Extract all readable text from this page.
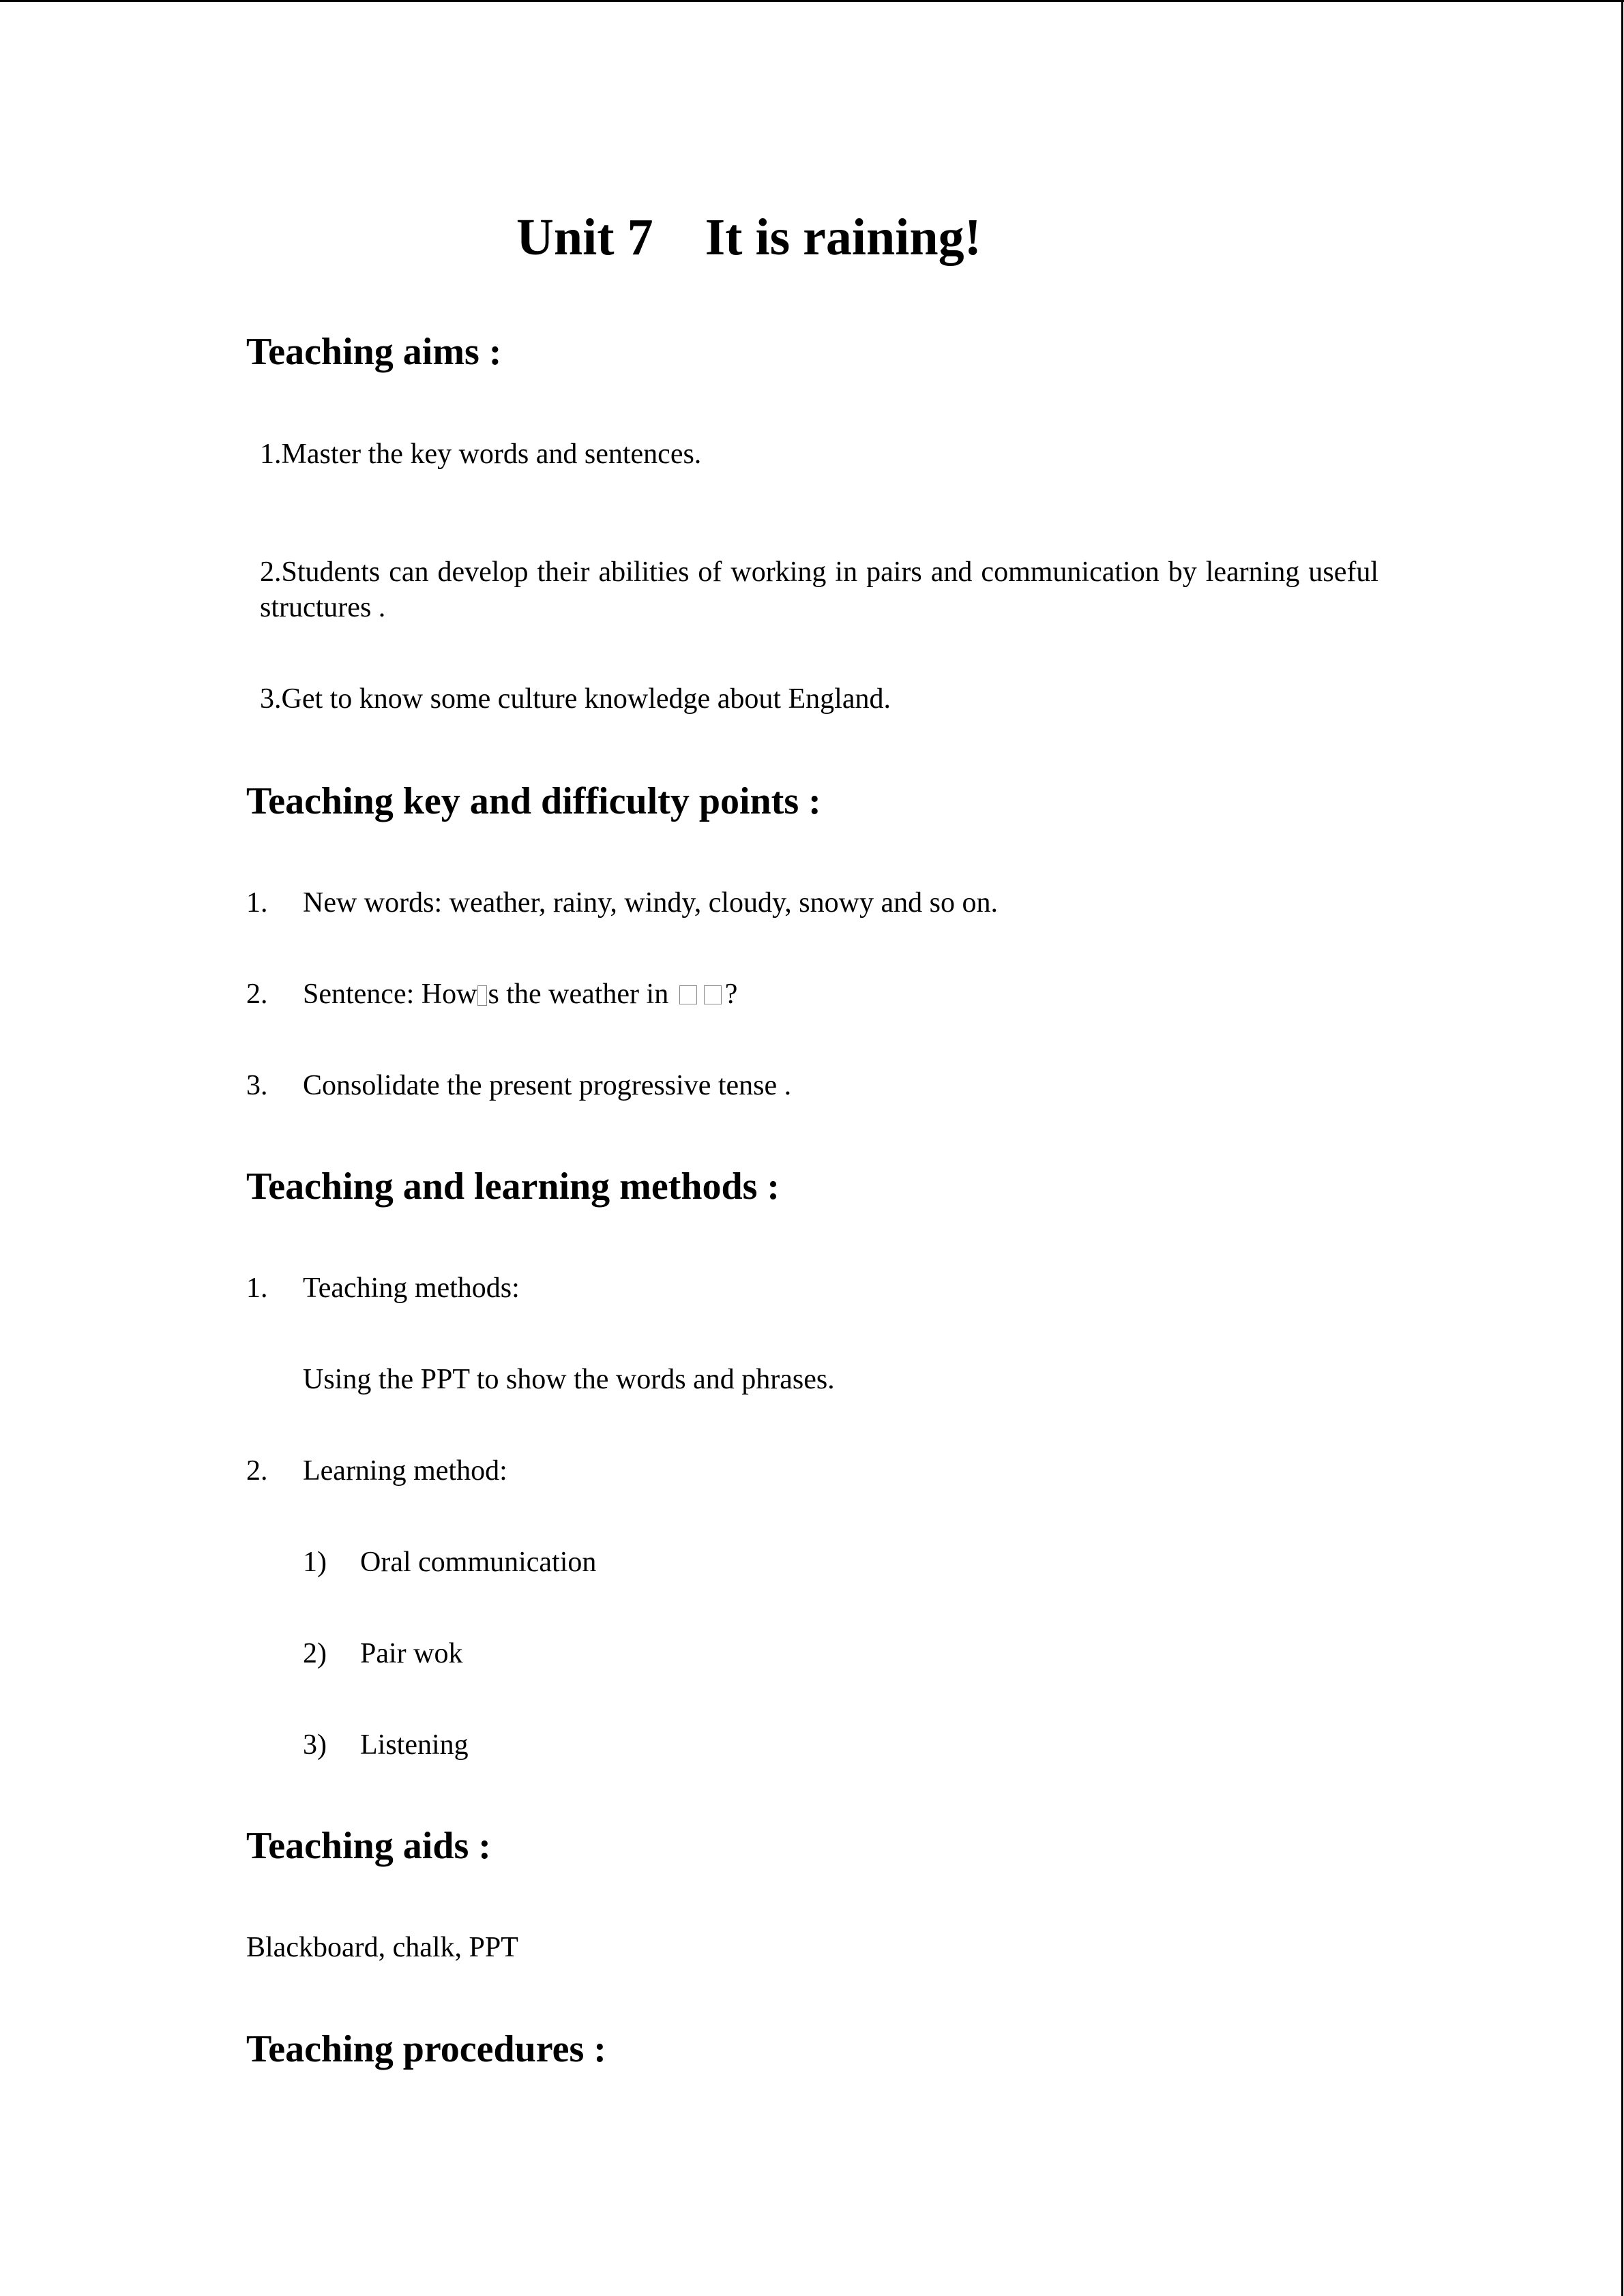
Unit 7    It is raining!
Teaching aims :

1.Master the key words and sentences.

2.Students can develop their abilities of working in pairs and communication by learning useful

structures .

3.Get to know some culture knowledge about England.

Teaching key and difficulty points :
1. New words: weather, rainy, windy, cloudy, snowy and so on.

2. Sentence: How s the weather in ?

3. Consolidate the present progressive tense .

Teaching and learning methods :
1. Teaching methods:

Using the PPT to show the words and phrases.

2. Learning method:

1) Oral communication

2) Pair wok

3) Listening

Teaching aids :

Blackboard, chalk, PPT

Teaching procedures :
